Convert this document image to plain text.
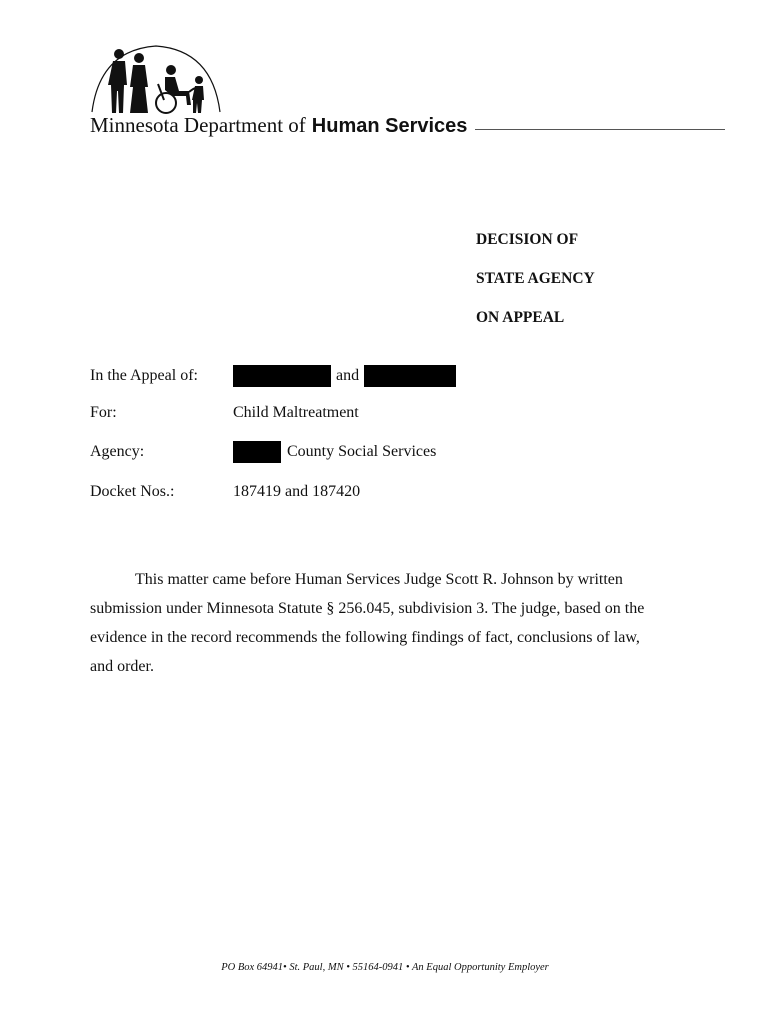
Minnesota Department of Human Services
DECISION OF
STATE AGENCY
ON APPEAL
In the Appeal of:	and
For:	Child Maltreatment
Agency:	County Social Services
Docket Nos.:	187419 and 187420
This matter came before Human Services Judge Scott R. Johnson by written
submission under Minnesota Statute § 256.045, subdivision 3. The judge, based on the
evidence in the record recommends the following findings of fact, conclusions of law,
and order.
PO Box 64941• St. Paul, MN • 55164-0941 • An Equal Opportunity Employer
